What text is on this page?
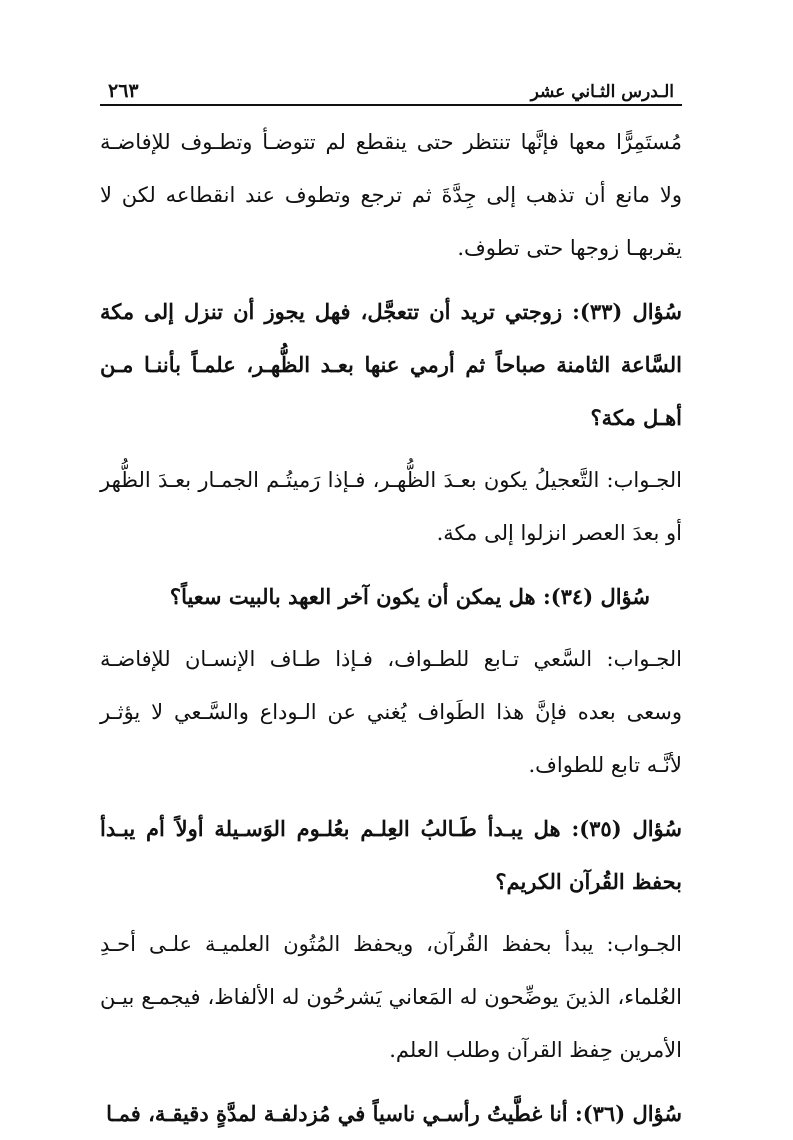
الـدرس الثـاني عشر
٢٦٣

مُستَمِرًّا معها فإنَّها تنتظر حتى ينقطع لم تتوضـأ وتطـوف للإفاضـة ولا مانع أن تذهب إلى جِدَّةَ ثم ترجع وتطوف عند انقطاعه لكن لا يقربهـا زوجها حتى تطوف.

سُؤال (٣٣): زوجتي تريد أن تتعجَّل، فهل يجوز أن تنزل إلى مكة السَّاعة الثامنة صباحاً ثم أرمي عنها بعـد الظُّهـر، علمـاً بأننـا مـن أهـل مكة؟

الجـواب: التَّعجيلُ يكون بعـدَ الظُّهـر، فـإذا رَميتُـم الجمـار بعـدَ الظُّهر أو بعدَ العصر انزلوا إلى مكة.

سُؤال (٣٤): هل يمكن أن يكون آخر العهد بالبيت سعياً؟

الجـواب: السَّعي تـابع للطـواف، فـإذا طـاف الإنسـان للإفاضـة وسعى بعده فإنَّ هذا الطَواف يُغني عن الـوداع والسَّـعي لا يؤثـر لأنَّـه تابع للطواف.

سُؤال (٣٥): هل يبـدأ طَـالبُ العِلـم بعُلـوم الوَسـيلة أولاً أم يبـدأ بحفظ القُرآن الكريم؟

الجـواب: يبدأ بحفظ القُرآن، ويحفظ المُتُون العلميـة علـى أحـدِ العُلماء، الذينَ يوضِّحون له المَعاني يَشرحُون له الألفاظ، فيجمـع بيـن الأمرين حِفظ القرآن وطلب العلم.

سُؤال (٣٦): أنا غطَّيتُ رأسـي ناسياً في مُزدلفـة لمدَّةٍ دقيقـة، فمـا
